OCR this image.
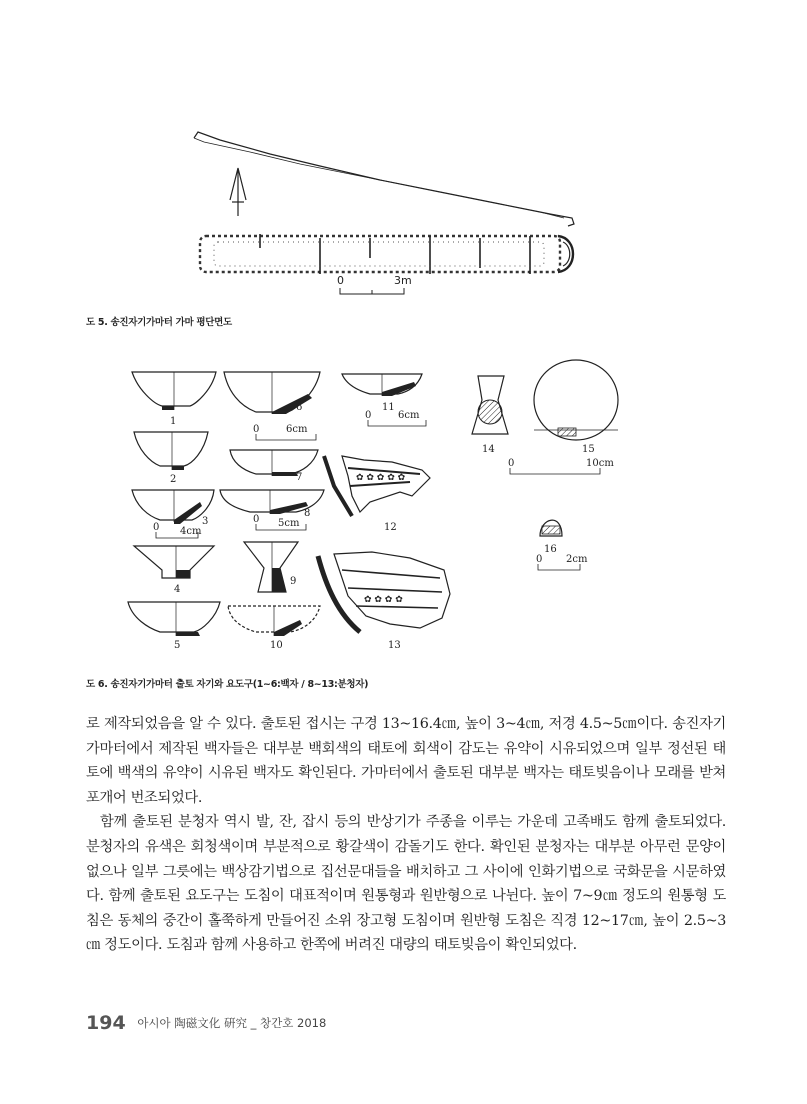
0	3m
도 5. 송진자기가마터 가마 평단면도
1
2
3
0 4cm
4
5
6
0	6cm
7
8
0 5cm
9
10
11
0	6cm
✿ ✿ ✿ ✿ ✿
12
✿ ✿ ✿ ✿
13
14	15
0	10cm
16
0 2cm
도 6. 송진자기가마터 출토 자기와 요도구(1~6:백자 / 8~13:분청자)

로 제작되었음을 알 수 있다. 출토된 접시는 구경 13~16.4㎝, 높이 3~4㎝, 저경 4.5~5㎝이다. 송진자기가마터에서 제작된 백자들은 대부분 백회색의 태토에 회색이 감도는 유약이 시유되었으며 일부 정선된 태토에 백색의 유약이 시유된 백자도 확인된다. 가마터에서 출토된 대부분 백자는 태토빚음이나 모래를 받쳐 포개어 번조되었다.

함께 출토된 분청자 역시 발, 잔, 잡시 등의 반상기가 주종을 이루는 가운데 고족배도 함께 출토되었다. 분청자의 유색은 회청색이며 부분적으로 황갈색이 감돌기도 한다. 확인된 분청자는 대부분 아무런 문양이 없으나 일부 그릇에는 백상감기법으로 집선문대들을 배치하고 그 사이에 인화기법으로 국화문을 시문하였다. 함께 출토된 요도구는 도침이 대표적이며 원통형과 원반형으로 나뉜다. 높이 7~9㎝ 정도의 원통형 도침은 동체의 중간이 홀쭉하게 만들어진 소위 장고형 도침이며 원반형 도침은 직경 12~17㎝, 높이 2.5~3㎝ 정도이다. 도침과 함께 사용하고 한쪽에 버려진 대량의 태토빚음이 확인되었다.

194 아시아 陶磁文化 硏究 _ 창간호 2018
